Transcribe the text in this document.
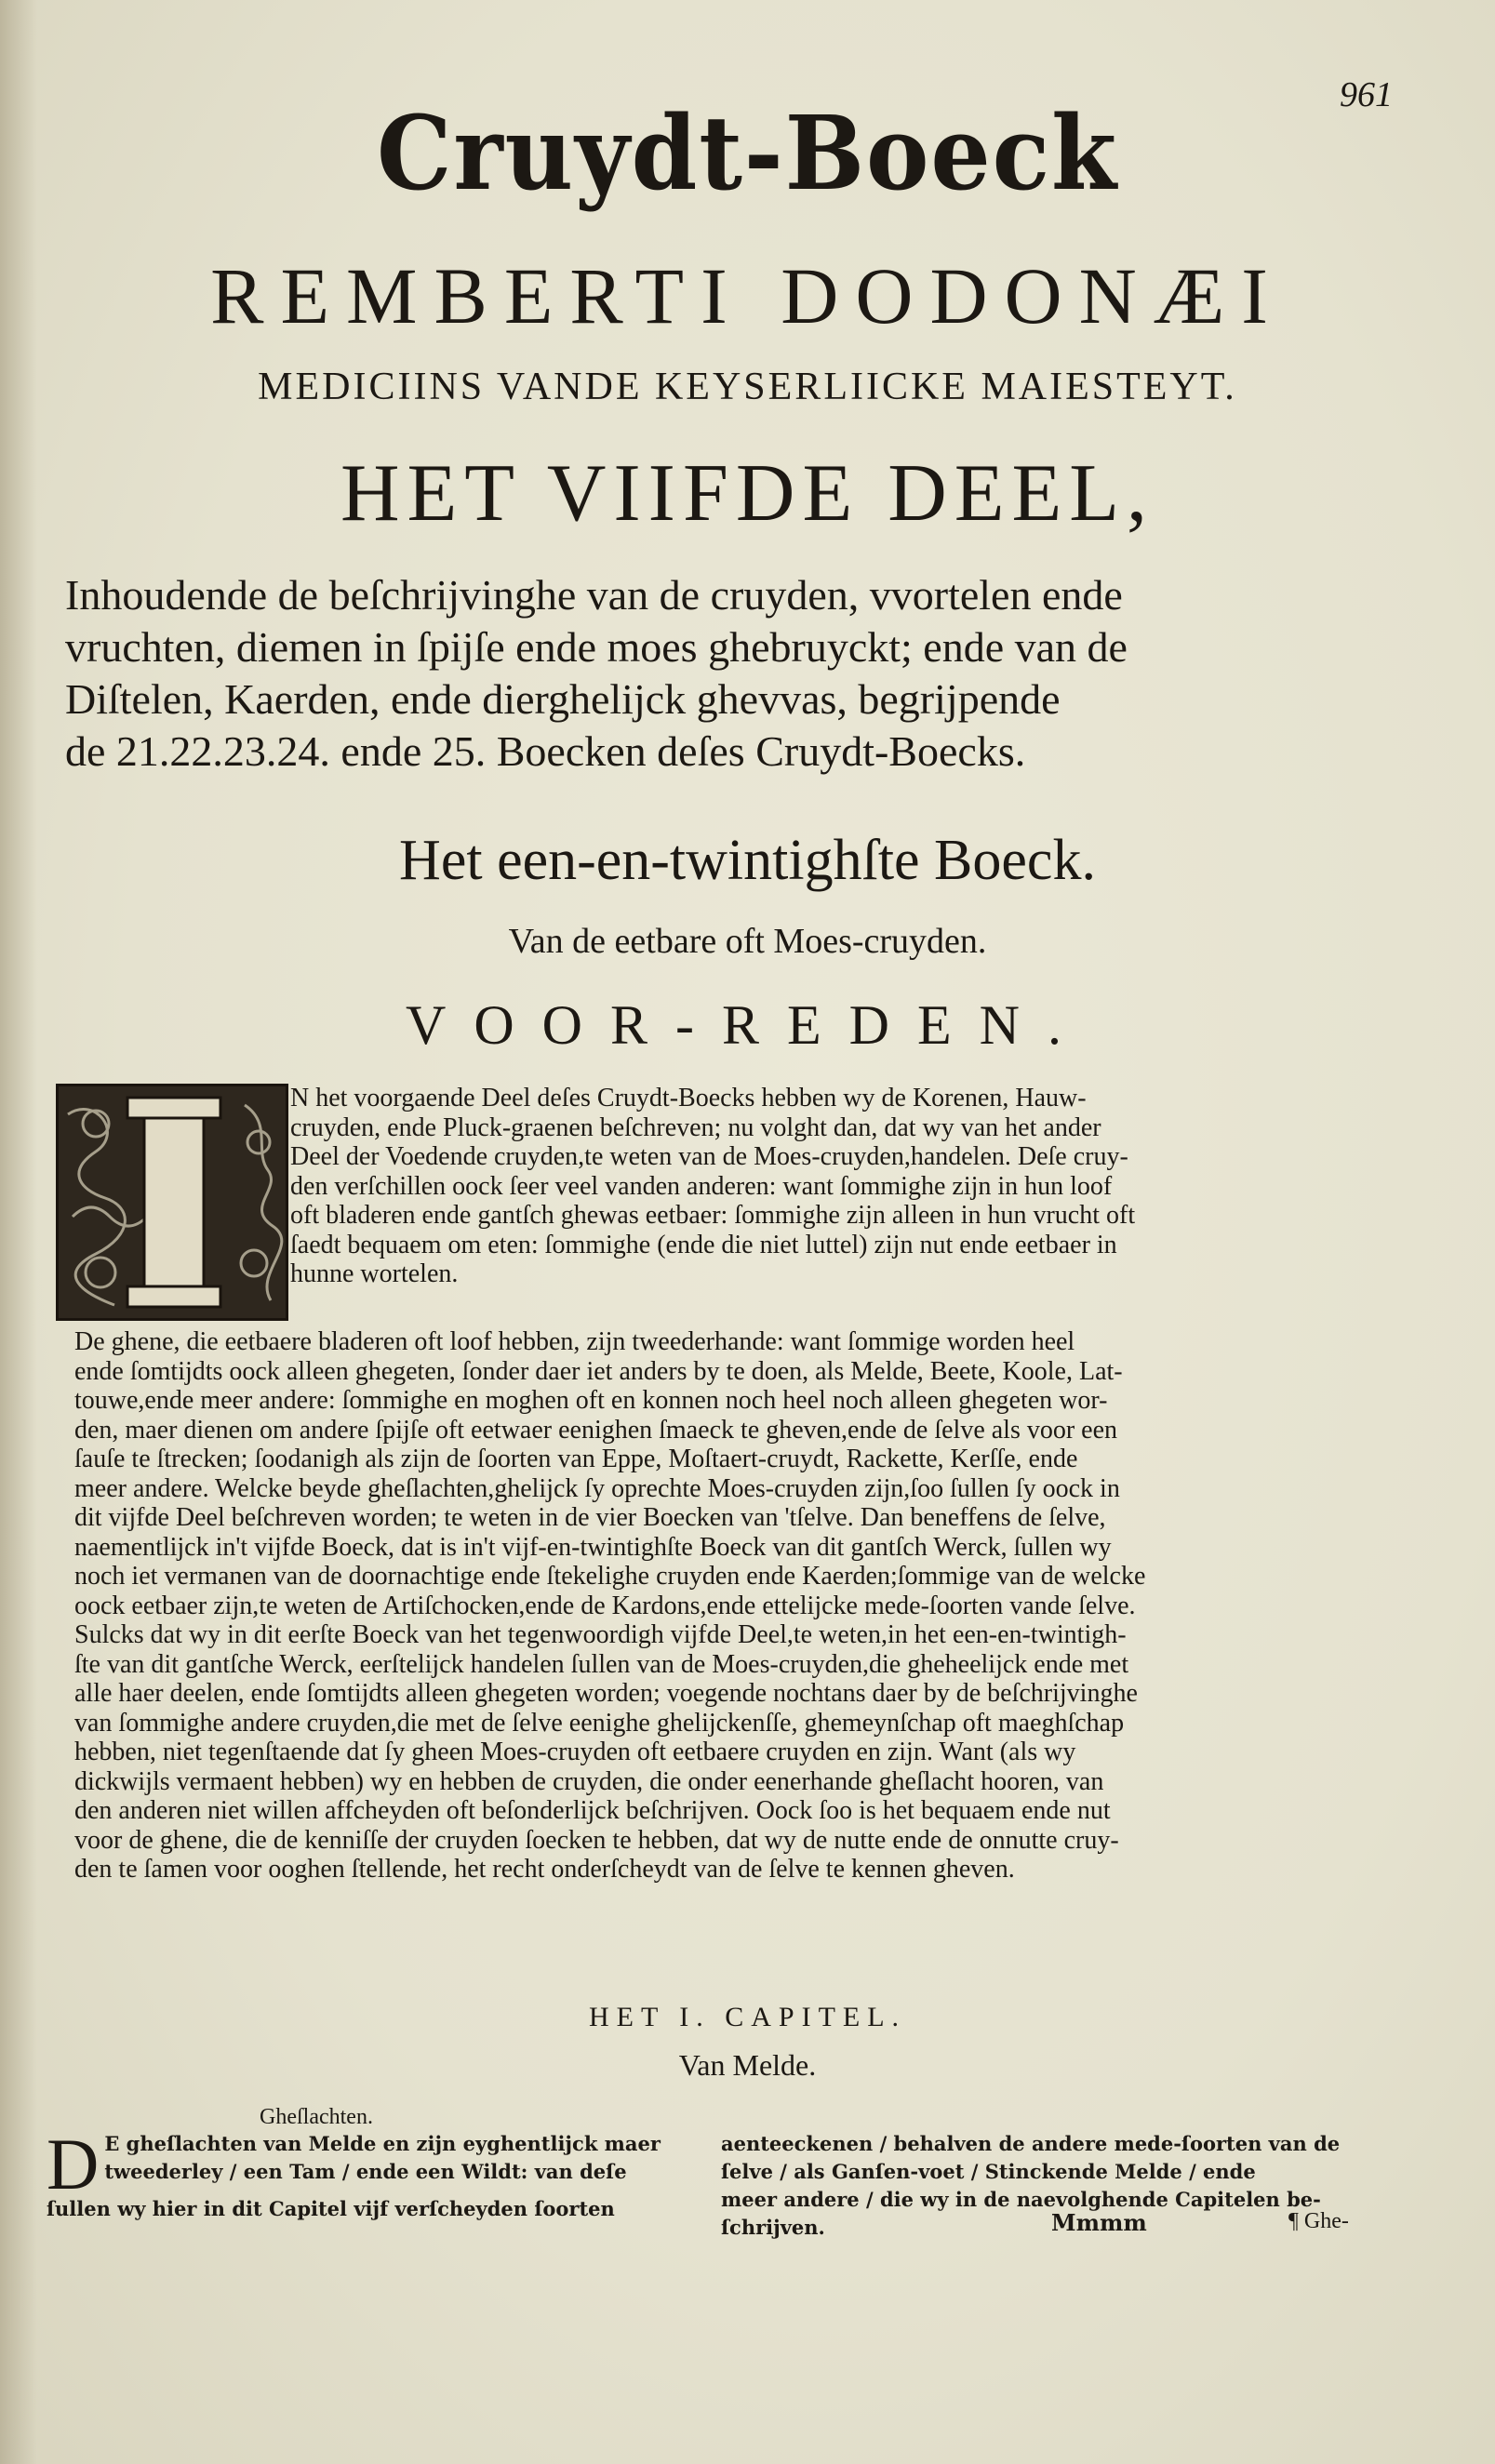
961
Cruydt-Boeck
REMBERTI DODONÆI
MEDICIINS VANDE KEYSERLIICKE MAIESTEYT.
HET VIIFDE DEEL,
Inhoudende de beſchrijvinghe van de cruyden, vvortelen ende
vruchten, diemen in ſpijſe ende moes ghebruyckt; ende van de
Diſtelen, Kaerden, ende dierghelijck ghevvas, begrijpende
de 21.22.23.24. ende 25. Boecken deſes Cruydt-Boecks.
Het een-en-twintighſte Boeck.
Van de eetbare oft Moes-cruyden.
VOOR-REDEN.
I
N het voorgaende Deel deſes Cruydt-Boecks hebben wy de Korenen, Hauw-
cruyden, ende Pluck-graenen beſchreven; nu volght dan, dat wy van het ander
Deel der Voedende cruyden,te weten van de Moes-cruyden,handelen. Deſe cruy-
den verſchillen oock ſeer veel vanden anderen: want ſommighe zijn in hun loof
oft bladeren ende gantſch ghewas eetbaer: ſommighe zijn alleen in hun vrucht oft
ſaedt bequaem om eten: ſommighe (ende die niet luttel) zijn nut ende eetbaer in
hunne wortelen.
De ghene, die eetbaere bladeren oft loof hebben, zijn tweederhande: want ſommige worden heel
ende ſomtijdts oock alleen ghegeten, ſonder daer iet anders by te doen, als Melde, Beete, Koole, Lat-
touwe,ende meer andere: ſommighe en moghen oft en konnen noch heel noch alleen ghegeten wor-
den, maer dienen om andere ſpijſe oft eetwaer eenighen ſmaeck te gheven,ende de ſelve als voor een
ſauſe te ſtrecken; ſoodanigh als zijn de ſoorten van Eppe, Moſtaert-cruydt, Rackette, Kerſſe, ende
meer andere. Welcke beyde gheſlachten,ghelijck ſy oprechte Moes-cruyden zijn,ſoo ſullen ſy oock in
dit vijfde Deel beſchreven worden; te weten in de vier Boecken van 'tſelve. Dan beneffens de ſelve,
naementlijck in't vijfde Boeck, dat is in't vijf-en-twintighſte Boeck van dit gantſch Werck, ſullen wy
noch iet vermanen van de doornachtige ende ſtekelighe cruyden ende Kaerden;ſommige van de welcke
oock eetbaer zijn,te weten de Artiſchocken,ende de Kardons,ende ettelijcke mede-ſoorten vande ſelve.
Sulcks dat wy in dit eerſte Boeck van het tegenwoordigh vijfde Deel,te weten,in het een-en-twintigh-
ſte van dit gantſche Werck, eerſtelijck handelen ſullen van de Moes-cruyden,die gheheelijck ende met
alle haer deelen, ende ſomtijdts alleen ghegeten worden; voegende nochtans daer by de beſchrijvinghe
van ſommighe andere cruyden,die met de ſelve eenighe ghelijckenſſe, ghemeynſchap oft maeghſchap
hebben, niet tegenſtaende dat ſy gheen Moes-cruyden oft eetbaere cruyden en zijn. Want (als wy
dickwijls vermaent hebben) wy en hebben de cruyden, die onder eenerhande gheſlacht hooren, van
den anderen niet willen affcheyden oft beſonderlijck beſchrijven. Oock ſoo is het bequaem ende nut
voor de ghene, die de kenniſſe der cruyden ſoecken te hebben, dat wy de nutte ende de onnutte cruy-
den te ſamen voor ooghen ſtellende, het recht onderſcheydt van de ſelve te kennen gheven.
HET I. CAPITEL.
Van Melde.
Gheſlachten.
D E gheſlachten van Melde en zijn eyghentlijck maer
tweederley / een Tam / ende een Wildt: van deſe
ſullen wy hier in dit Capitel vijf verſcheyden ſoorten
aenteeckenen / behalven de andere mede-ſoorten van de
ſelve / als Ganſen-voet / Stinckende Melde / ende
meer andere / die wy in de naevolghende Capitelen be-
ſchrijven.	Mmmm	¶ Ghe-
